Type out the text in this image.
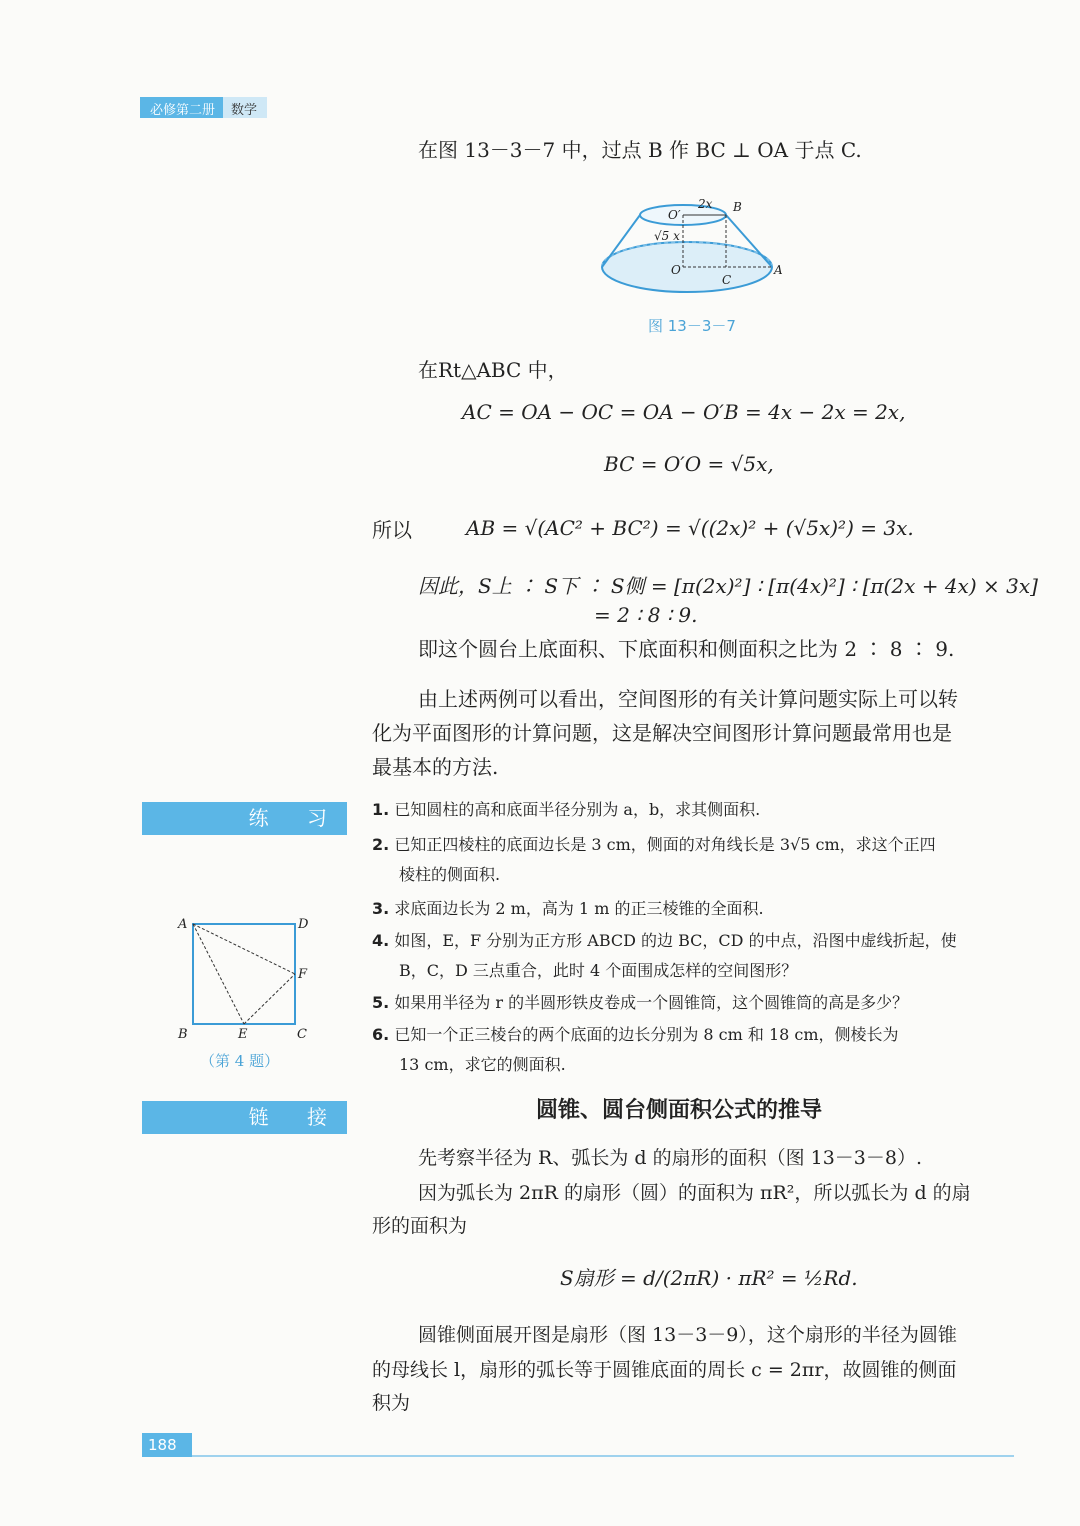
必修第二册	数学
在图 13－3－7 中，过点 B 作 BC ⊥ OA 于点 C.
2x
O′
B
√5 x
O
C
A
图 13－3－7
在Rt△ABC 中，
AC = OA − OC = OA − O′B = 4x − 2x = 2x,
BC = O′O = √5x,
所以	AB = √(AC² + BC²) = √((2x)² + (√5x)²) = 3x.
因此，S上 ∶ S下 ∶ S侧 = [π(2x)²] ∶ [π(4x)²] ∶ [π(2x + 4x) × 3x]
= 2 ∶ 8 ∶ 9.
即这个圆台上底面积、下底面积和侧面积之比为 2 ∶ 8 ∶ 9.
由上述两例可以看出，空间图形的有关计算问题实际上可以转
化为平面图形的计算问题，这是解决空间图形计算问题最常用也是
最基本的方法.
练 习 1. 已知圆柱的高和底面半径分别为 a，b，求其侧面积.
2. 已知正四棱柱的底面边长是 3 cm，侧面的对角线长是 3√5 cm，求这个正四
棱柱的侧面积.
3. 求底面边长为 2 m，高为 1 m 的正三棱锥的全面积.
4. 如图，E，F 分别为正方形 ABCD 的边 BC，CD 的中点，沿图中虚线折起，使
B，C，D 三点重合，此时 4 个面围成怎样的空间图形？
5. 如果用半径为 r 的半圆形铁皮卷成一个圆锥筒，这个圆锥筒的高是多少？
6. 已知一个正三棱台的两个底面的边长分别为 8 cm 和 18 cm，侧棱长为
13 cm，求它的侧面积.
A	D
F
B	E	C
（第 4 题）
链 接	圆锥、圆台侧面积公式的推导
先考察半径为 R、弧长为 d 的扇形的面积（图 13－3－8）.
因为弧长为 2πR 的扇形（圆）的面积为 πR²，所以弧长为 d 的扇
形的面积为
S扇形 = d/(2πR) · πR² = ½Rd.
圆锥侧面展开图是扇形（图 13－3－9），这个扇形的半径为圆锥
的母线长 l，扇形的弧长等于圆锥底面的周长 c = 2πr，故圆锥的侧面
积为
188
